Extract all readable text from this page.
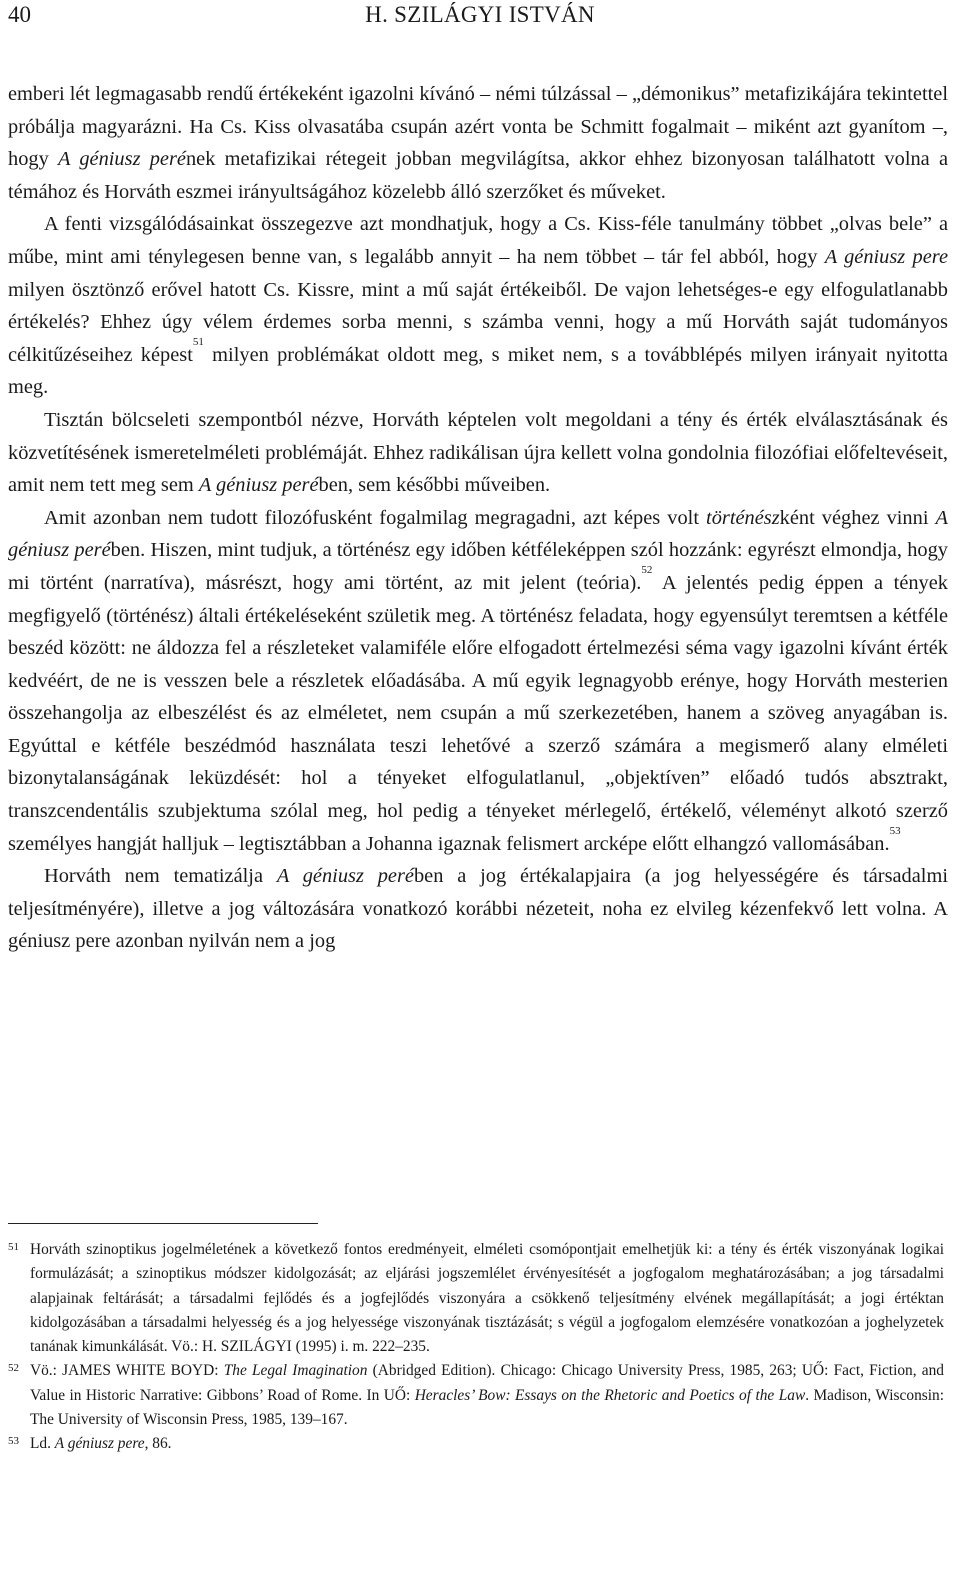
40	H. SZILÁGYI ISTVÁN

emberi lét legmagasabb rendű értékeként igazolni kívánó – némi túlzással – „démonikus” metafizikájára tekintettel próbálja magyarázni. Ha Cs. Kiss olvasatába csupán azért vonta be Schmitt fogalmait – miként azt gyanítom –, hogy A géniusz perének metafizikai rétegeit jobban megvilágítsa, akkor ehhez bizonyosan találhatott volna a témához és Horváth eszmei irányultságához közelebb álló szerzőket és műveket.

A fenti vizsgálódásainkat összegezve azt mondhatjuk, hogy a Cs. Kiss-féle tanulmány többet „olvas bele” a műbe, mint ami ténylegesen benne van, s legalább annyit – ha nem többet – tár fel abból, hogy A géniusz pere milyen ösztönző erővel hatott Cs. Kissre, mint a mű saját értékeiből. De vajon lehetséges-e egy elfogulatlanabb értékelés? Ehhez úgy vélem érdemes sorba menni, s számba venni, hogy a mű Horváth saját tudományos célkitűzéseihez képest$^{51}$ milyen problémákat oldott meg, s miket nem, s a továbblépés milyen irányait nyitotta meg.

Tisztán bölcseleti szempontból nézve, Horváth képtelen volt megoldani a tény és érték elválasztásának és közvetítésének ismeretelméleti problémáját. Ehhez radikálisan újra kellett volna gondolnia filozófiai előfeltevéseit, amit nem tett meg sem A géniusz perében, sem későbbi műveiben.

Amit azonban nem tudott filozófusként fogalmilag megragadni, azt képes volt történészként véghez vinni A géniusz perében. Hiszen, mint tudjuk, a történész egy időben kétféleképpen szól hozzánk: egyrészt elmondja, hogy mi történt (narratíva), másrészt, hogy ami történt, az mit jelent (teória).$^{52}$ A jelentés pedig éppen a tények megfigyelő (történész) általi értékeléseként születik meg. A történész feladata, hogy egyensúlyt teremtsen a kétféle beszéd között: ne áldozza fel a részleteket valamiféle előre elfogadott értelmezési séma vagy igazolni kívánt érték kedvéért, de ne is vesszen bele a részletek előadásába. A mű egyik legnagyobb erénye, hogy Horváth mesterien összehangolja az elbeszélést és az elméletet, nem csupán a mű szerkezetében, hanem a szöveg anyagában is. Egyúttal e kétféle beszédmód használata teszi lehetővé a szerző számára a megismerő alany elméleti bizonytalanságának leküzdését: hol a tényeket elfogulatlanul, „objektíven” előadó tudós absztrakt, transzcendentális szubjektuma szólal meg, hol pedig a tényeket mérlegelő, értékelő, véleményt alkotó szerző személyes hangját halljuk – legtisztábban a Johanna igaznak felismert arcképe előtt elhangzó vallomásában.$^{53}$

Horváth nem tematizálja A géniusz perében a jog értékalapjaira (a jog helyességére és társadalmi teljesítményére), illetve a jog változására vonatkozó korábbi nézeteit, noha ez elvileg kézenfekvő lett volna. A géniusz pere azonban nyilván nem a jog

51 Horváth szinoptikus jogelméletének a következő fontos eredményeit, elméleti csomópontjait emelhetjük ki: a tény és érték viszonyának logikai formulázását; a szinoptikus módszer kidolgozását; az eljárási jogszemlélet érvényesítését a jogfogalom meghatározásában; a jog társadalmi alapjainak feltárását; a társadalmi fejlődés és a jogfejlődés viszonyára a csökkenő teljesítmény elvének megállapítását; a jogi értéktan kidolgozásában a társadalmi helyesség és a jog helyessége viszonyának tisztázását; s végül a jogfogalom elemzésére vonatkozóan a joghelyzetek tanának kimunkálását. Vö.: H. SZILÁGYI (1995) i. m. 222–235.
52 Vö.: JAMES WHITE BOYD: The Legal Imagination (Abridged Edition). Chicago: Chicago University Press, 1985, 263; UŐ: Fact, Fiction, and Value in Historic Narrative: Gibbons’ Road of Rome. In UŐ: Heracles’ Bow: Essays on the Rhetoric and Poetics of the Law. Madison, Wisconsin: The University of Wisconsin Press, 1985, 139–167.
53 Ld. A géniusz pere, 86.
